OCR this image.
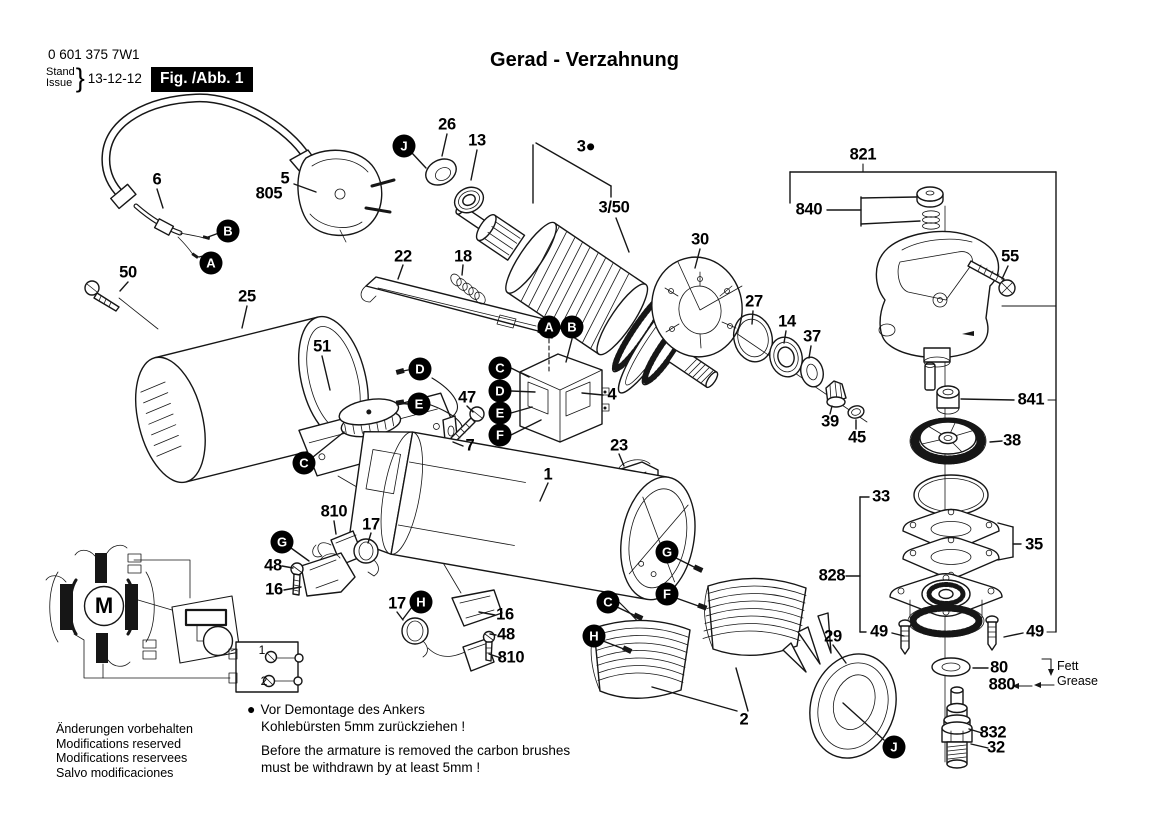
26
13	3●
3/50
5
805
6
50
25
22	18
51
47
7
4
23
1
30
27
14
37
39
45
821
840
55
841
38
33
35
828
49	49
29
80
880
832
32
2
810
17
48
16
17
16
48
810
J
B
A
D
E
C
A	B
C
D
E
F
G
H
G
F
C
H
J
M
1
2
Fett
Grease
0 601 375 7W1
Stand
Issue } 13-12-12	Fig. /Abb. 1
Gerad - Verzahnung
Änderungen vorbehalten
Modifications reserved
Modifications reservees
Salvo modificaciones
● Vor Demontage des Ankers
Kohlebürsten 5mm zurückziehen !
Before the armature is removed the carbon brushes
must be withdrawn by at least 5mm !
